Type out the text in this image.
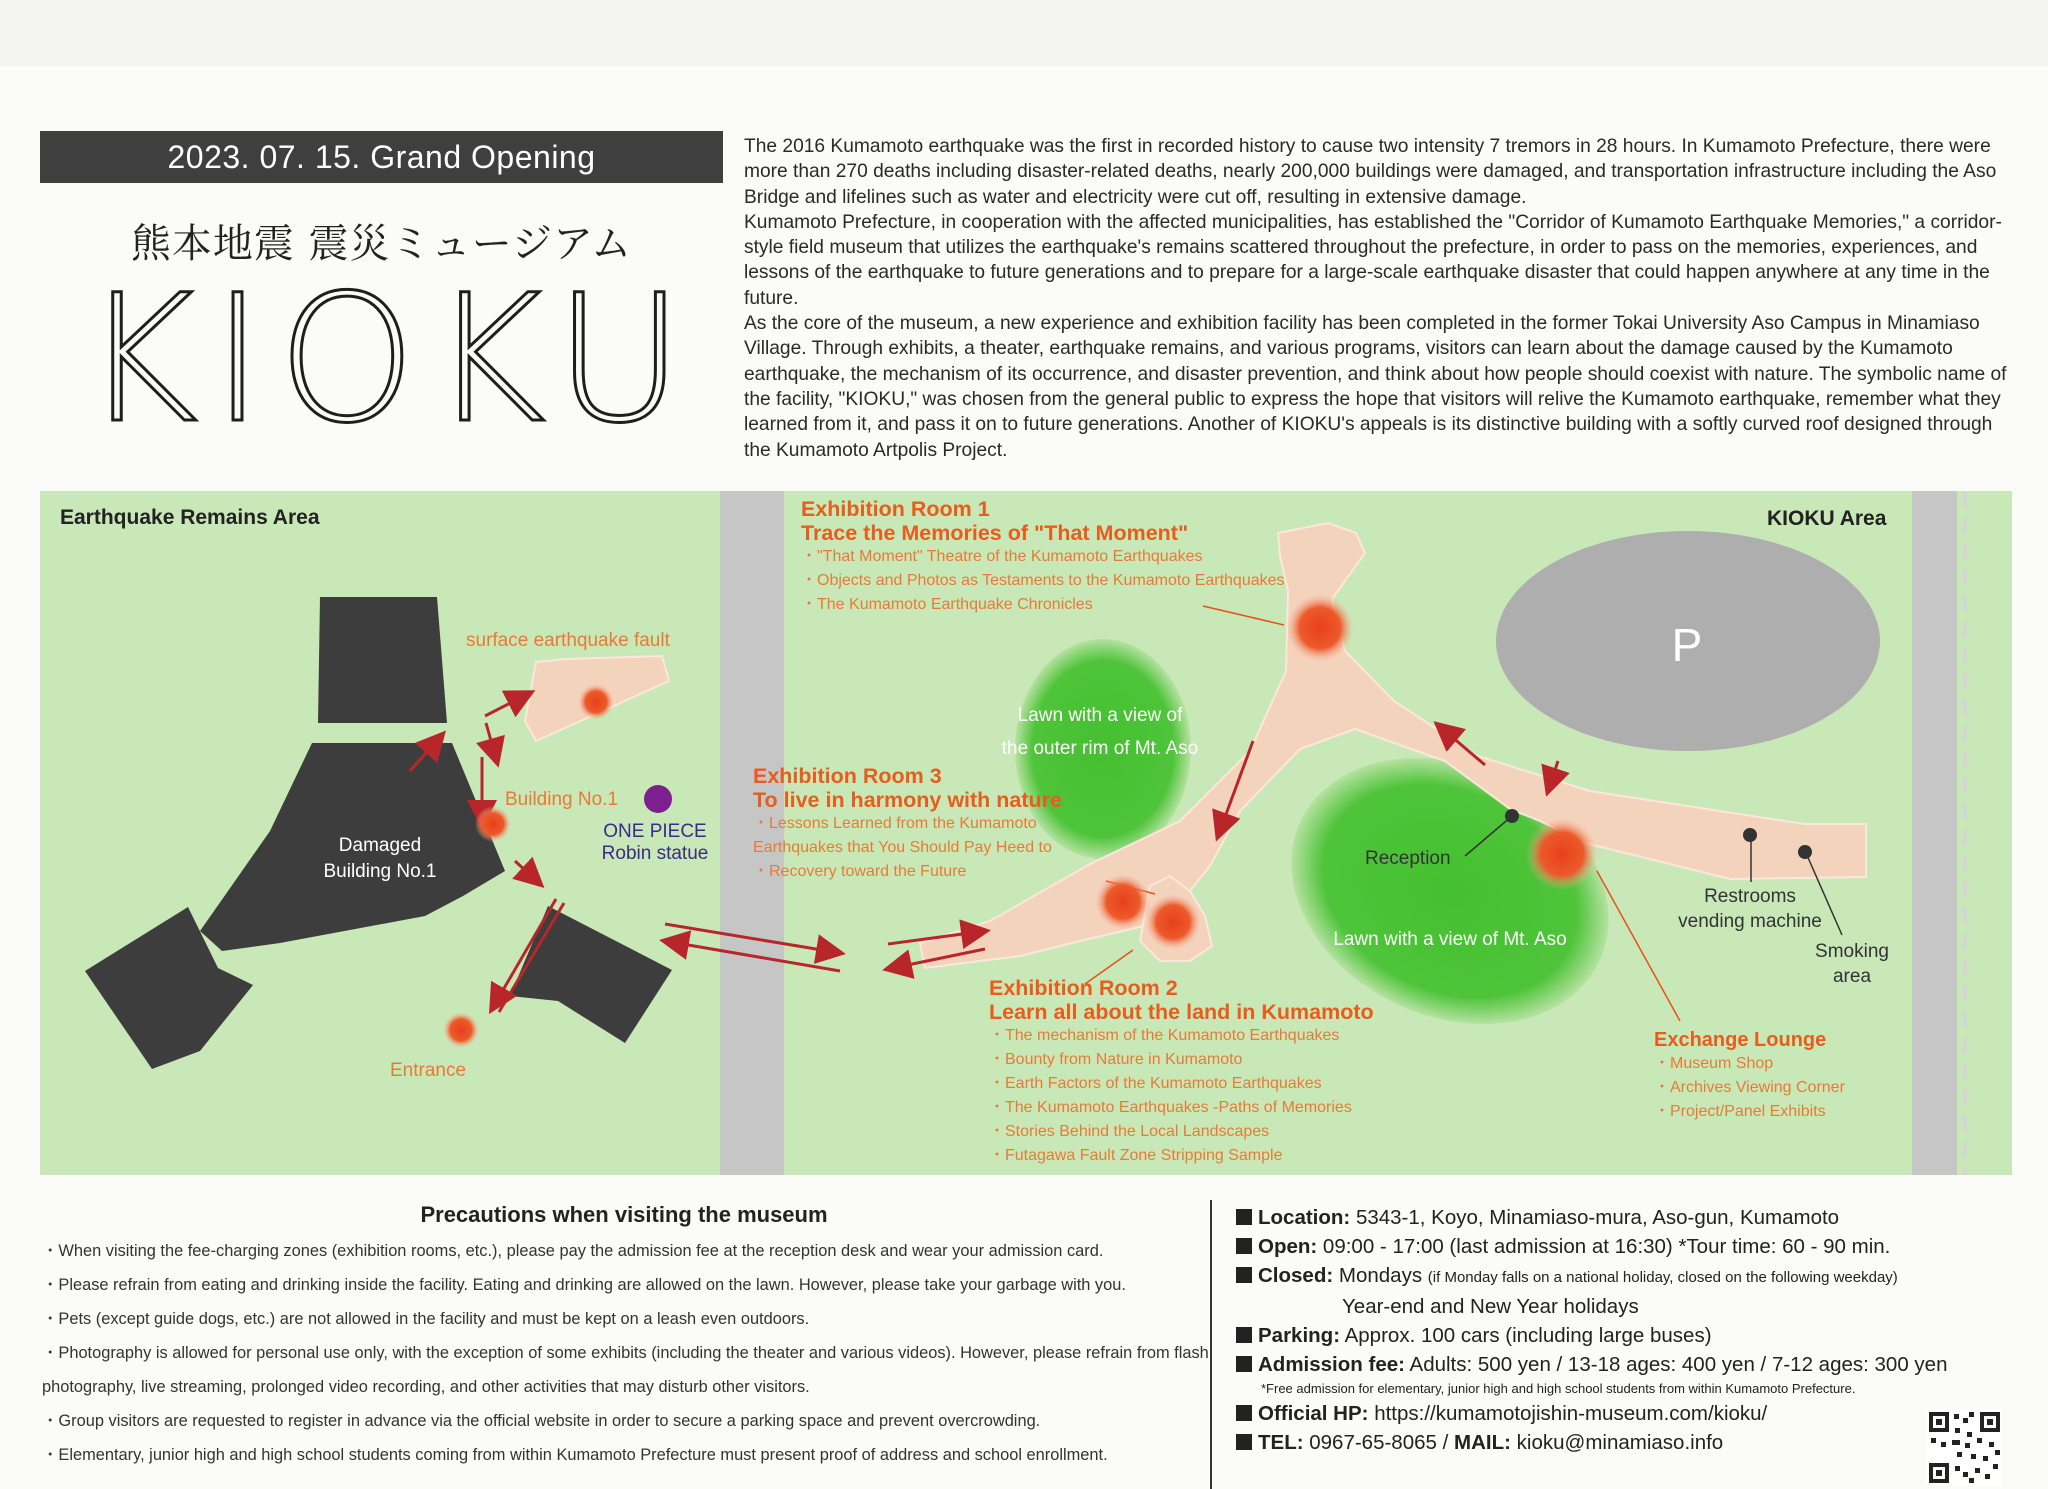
2023. 07. 15. Grand Opening
熊本地震 震災ミュージアム
KIOKU

The 2016 Kumamoto earthquake was the first in recorded history to cause two intensity 7 tremors in 28 hours. In Kumamoto Prefecture, there were more than 270 deaths including disaster-related deaths, nearly 200,000 buildings were damaged, and transportation infrastructure including the Aso Bridge and lifelines such as water and electricity were cut off, resulting in extensive damage.

Kumamoto Prefecture, in cooperation with the affected municipalities, has established the "Corridor of Kumamoto Earthquake Memories," a corridor-style field museum that utilizes the earthquake's remains scattered throughout the prefecture, in order to pass on the memories, experiences, and lessons of the earthquake to future generations and to prepare for a large-scale earthquake disaster that could happen anywhere at any time in the future.

As the core of the museum, a new experience and exhibition facility has been completed in the former Tokai University Aso Campus in Minamiaso Village. Through exhibits, a theater, earthquake remains, and various programs, visitors can learn about the damage caused by the Kumamoto earthquake, the mechanism of its occurrence, and disaster prevention, and think about how people should coexist with nature. The symbolic name of the facility, "KIOKU," was chosen from the general public to express the hope that visitors will relive the Kumamoto earthquake, remember what they learned from it, and pass it on to future generations. Another of KIOKU's appeals is its distinctive building with a softly curved roof designed through the Kumamoto Artpolis Project.

Earthquake Remains Area	KIOKU Area
surface earthquake fault
Building No.1
Damaged
Building No.1
ONE PIECE
Robin statue
Entrance
P
Lawn with a view of
the outer rim of Mt. Aso
Lawn with a view of Mt. Aso
Reception
Restrooms
vending machine
Smoking
area
Exhibition Room 1
Trace the Memories of "That Moment"
・"That Moment" Theatre of the Kumamoto Earthquakes
・Objects and Photos as Testaments to the Kumamoto Earthquakes
・The Kumamoto Earthquake Chronicles
Exhibition Room 3
To live in harmony with nature
・Lessons Learned from the Kumamoto
Earthquakes that You Should Pay Heed to
・Recovery toward the Future
Exhibition Room 2
Learn all about the land in Kumamoto
・The mechanism of the Kumamoto Earthquakes
・Bounty from Nature in Kumamoto
・Earth Factors of the Kumamoto Earthquakes
・The Kumamoto Earthquakes -Paths of Memories
・Stories Behind the Local Landscapes
・Futagawa Fault Zone Stripping Sample
Exchange Lounge
・Museum Shop
・Archives Viewing Corner
・Project/Panel Exhibits
Precautions when visiting the museum

・When visiting the fee-charging zones (exhibition rooms, etc.), please pay the admission fee at the reception desk and wear your admission card.

・Please refrain from eating and drinking inside the facility. Eating and drinking are allowed on the lawn. However, please take your garbage with you.

・Pets (except guide dogs, etc.) are not allowed in the facility and must be kept on a leash even outdoors.

・Photography is allowed for personal use only, with the exception of some exhibits (including the theater and various videos). However, please refrain from flash photography, live streaming, prolonged video recording, and other activities that may disturb other visitors.

・Group visitors are requested to register in advance via the official website in order to secure a parking space and prevent overcrowding.

・Elementary, junior high and high school students coming from within Kumamoto Prefecture must present proof of address and school enrollment.

Location: 5343-1, Koyo, Minamiaso-mura, Aso-gun, Kumamoto
Open: 09:00 - 17:00 (last admission at 16:30) *Tour time: 60 - 90 min.
Closed: Mondays (if Monday falls on a national holiday, closed on the following weekday)
Year-end and New Year holidays
Parking: Approx. 100 cars (including large buses)
Admission fee: Adults: 500 yen / 13-18 ages: 400 yen / 7-12 ages: 300 yen
*Free admission for elementary, junior high and high school students from within Kumamoto Prefecture.
Official HP: https://kumamotojishin-museum.com/kioku/
TEL: 0967-65-8065 / MAIL: kioku@minamiaso.info
